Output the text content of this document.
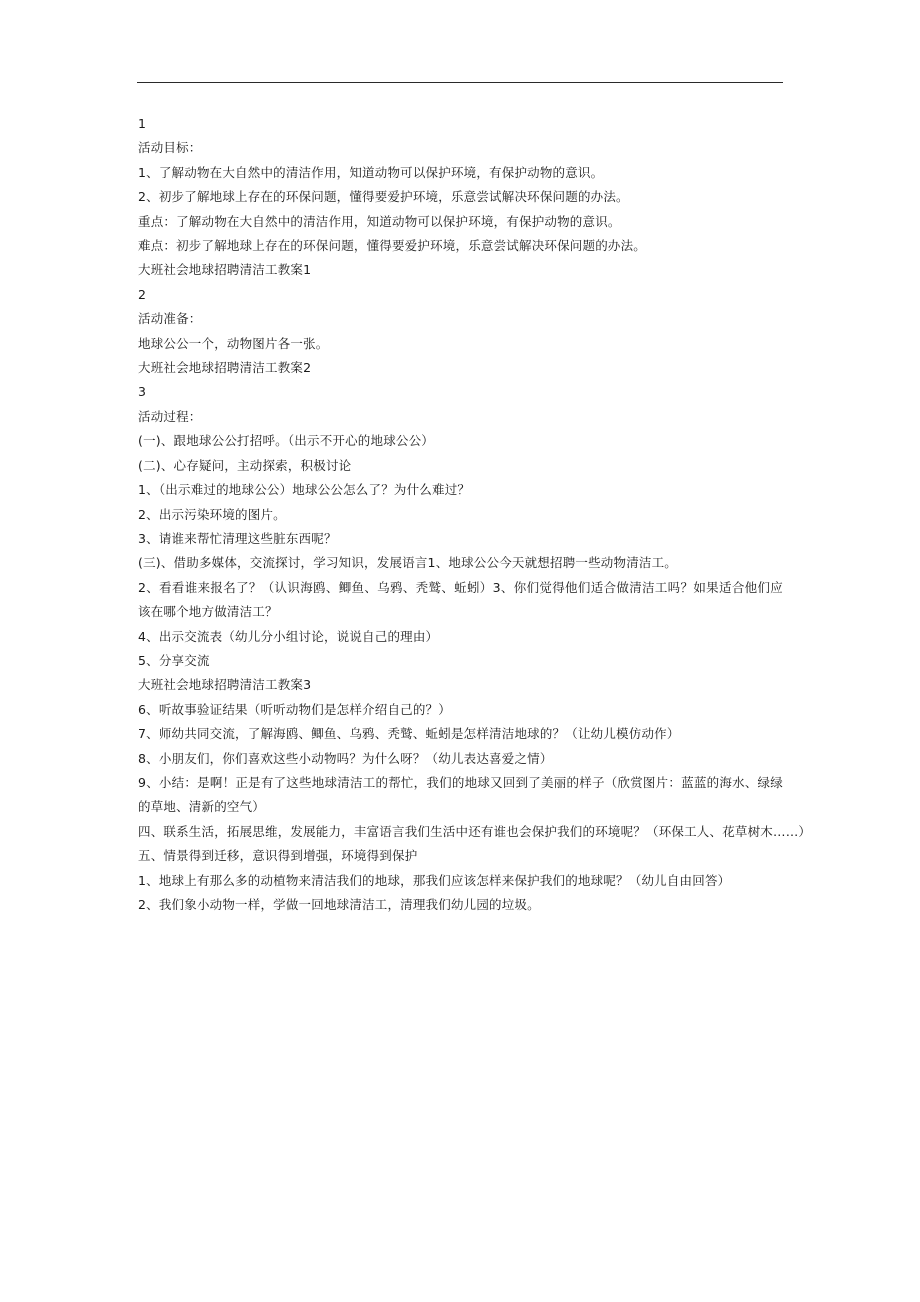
1
活动目标：
1、了解动物在大自然中的清洁作用，知道动物可以保护环境，有保护动物的意识。
2、初步了解地球上存在的环保问题，懂得要爱护环境，乐意尝试解决环保问题的办法。
重点：了解动物在大自然中的清洁作用，知道动物可以保护环境，有保护动物的意识。
难点：初步了解地球上存在的环保问题，懂得要爱护环境，乐意尝试解决环保问题的办法。
大班社会地球招聘清洁工教案1
2
活动准备：
地球公公一个，动物图片各一张。
大班社会地球招聘清洁工教案2
3
活动过程：
(一)、跟地球公公打招呼。（出示不开心的地球公公）
(二)、心存疑问，主动探索，积极讨论
1、（出示难过的地球公公）地球公公怎么了？为什么难过？
2、出示污染环境的图片。
3、请谁来帮忙清理这些脏东西呢？
(三)、借助多媒体，交流探讨，学习知识，发展语言1、地球公公今天就想招聘一些动物清洁工。
2、看看谁来报名了？（认识海鸥、鲫鱼、乌鸦、秃鹫、蚯蚓）3、你们觉得他们适合做清洁工吗？如果适合他们应该在哪个地方做清洁工？
4、出示交流表（幼儿分小组讨论，说说自己的理由）
5、分享交流
大班社会地球招聘清洁工教案3
6、听故事验证结果（听听动物们是怎样介绍自己的？）
7、师幼共同交流，了解海鸥、鲫鱼、乌鸦、秃鹫、蚯蚓是怎样清洁地球的？（让幼儿模仿动作）
8、小朋友们，你们喜欢这些小动物吗？为什么呀？（幼儿表达喜爱之情）
9、小结：是啊！正是有了这些地球清洁工的帮忙，我们的地球又回到了美丽的样子（欣赏图片：蓝蓝的海水、绿绿的草地、清新的空气）
四、联系生活，拓展思维，发展能力，丰富语言我们生活中还有谁也会保护我们的环境呢？（环保工人、花草树木……）
五、情景得到迁移，意识得到增强，环境得到保护
1、地球上有那么多的动植物来清洁我们的地球，那我们应该怎样来保护我们的地球呢？（幼儿自由回答）
2、我们象小动物一样，学做一回地球清洁工，清理我们幼儿园的垃圾。
